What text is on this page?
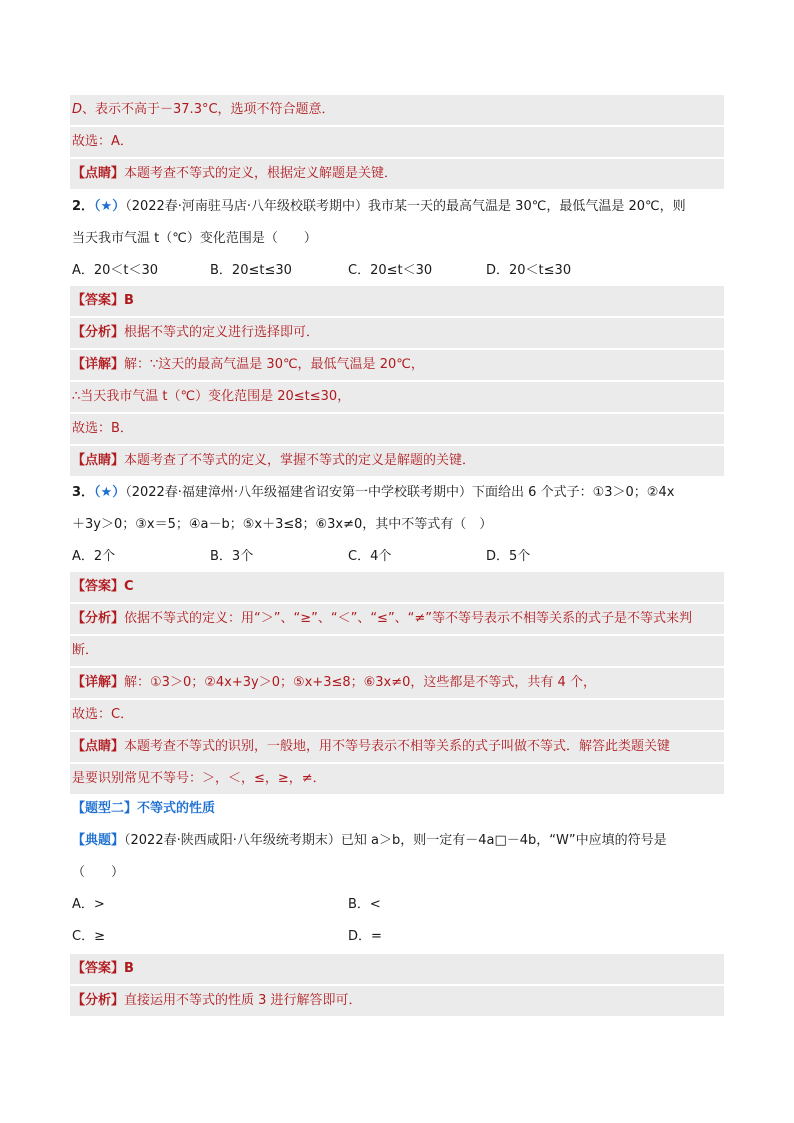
D、表示不高于－37.3°C，选项不符合题意．
故选：A．
【点睛】本题考查不等式的定义，根据定义解题是关键．
2．（★）（2022春·河南驻马店·八年级校联考期中）我市某一天的最高气温是 30℃，最低气温是 20℃，则
当天我市气温 t（℃）变化范围是（　　）
A．20＜t＜30	B．20≤t≤30	C．20≤t＜30	D．20＜t≤30
【答案】B
【分析】根据不等式的定义进行选择即可．
【详解】解：∵这天的最高气温是 30℃，最低气温是 20℃，
∴当天我市气温 t（℃）变化范围是 20≤t≤30，
故选：B．
【点睛】本题考查了不等式的定义，掌握不等式的定义是解题的关键．
3．（★）（2022春·福建漳州·八年级福建省诏安第一中学校联考期中）下面给出 6 个式子：①3＞0；②4x
＋3y＞0；③x＝5；④a－b；⑤x＋3≤8；⑥3x≠0，其中不等式有（　）
A．2个	B．3个	C．4个	D．5个
【答案】C
【分析】依据不等式的定义：用“＞”、“≥”、“＜”、“≤”、“≠”等不等号表示不相等关系的式子是不等式来判
断．
【详解】解：①3＞0；②4x+3y＞0；⑤x+3≤8；⑥3x≠0，这些都是不等式，共有 4 个，
故选：C．
【点睛】本题考查不等式的识别，一般地，用不等号表示不相等关系的式子叫做不等式．解答此类题关键
是要识别常见不等号：＞，＜，≤，≥，≠．
【题型二】不等式的性质
【典题】（2022春·陕西咸阳·八年级统考期末）已知 a＞b，则一定有－4a□－4b，“W”中应填的符号是
（　　）
A．>	B．<
C．≥	D．=
【答案】B
【分析】直接运用不等式的性质 3 进行解答即可．
